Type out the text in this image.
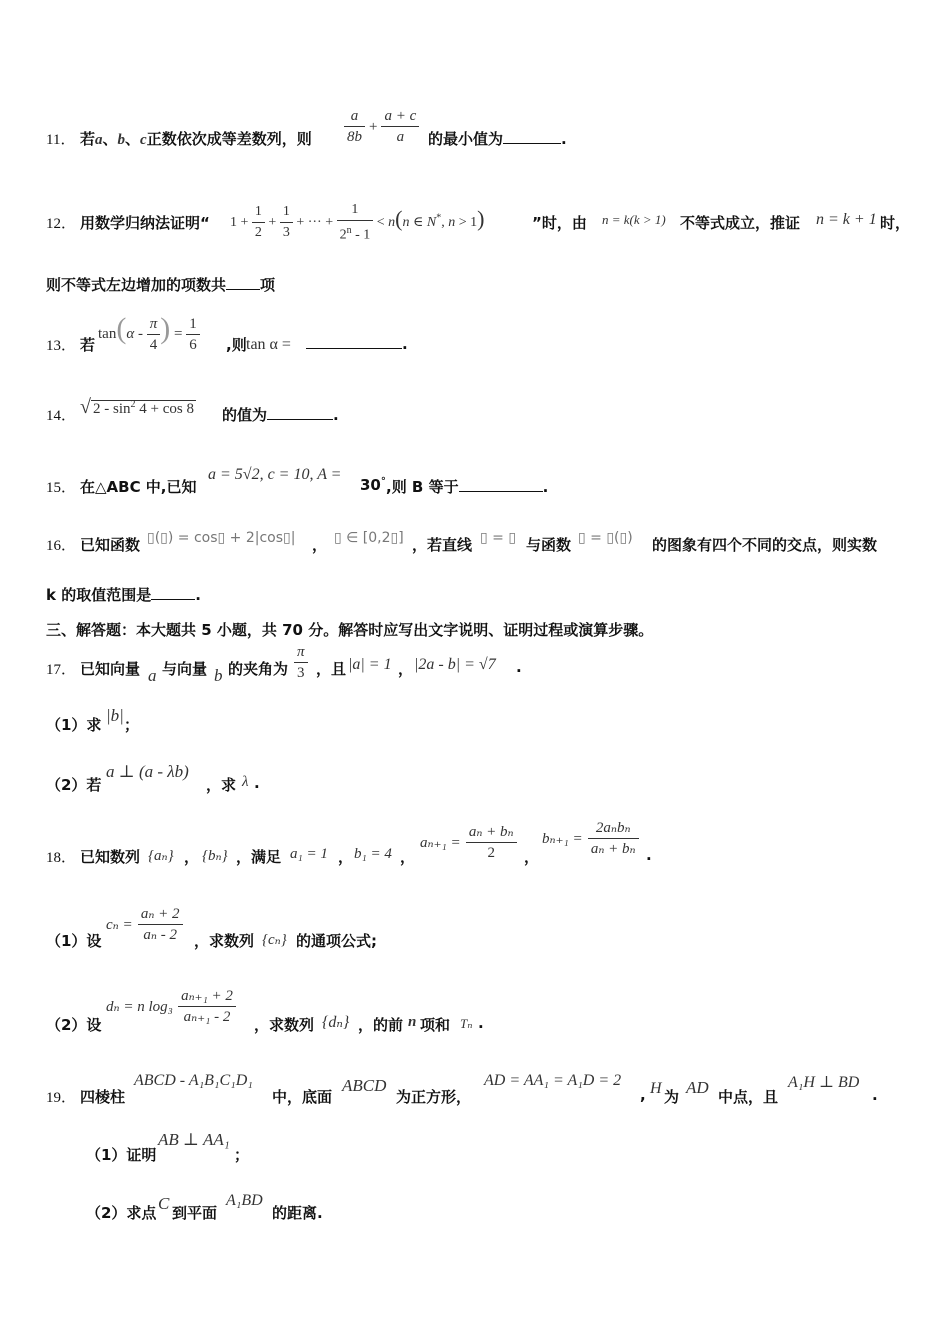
11． 若a、b、c正数依次成等差数列，则 $\frac{a}{8b} + \frac{a + c}{a}$ 的最小值为	.
12． 用数学归纳法证明“ $1 + \frac{1}{2} + \frac{1}{3}$ + ··· + $\frac{1}{2^n - 1} < n(n$ ∈ N*, n > 1)	”时，由 n = k(k > 1) 不等式成立，推证 n = k + 1 时，
则不等式左边增加的项数共 项
13． 若
$\tan(\alpha - \frac{\pi}{4}$ ) = $\frac{1}{6}$ ,则 tan α =	.
14． √ $2 - \sin^2 4 + \cos 8$ 的值为	.
15． 在△ABC 中,已知
a = 5√2, c = 10, A =
30° ,则 B 等于	.
16． 已知函数 ▯(▯) = cos▯ + 2|cos▯| ， ▯ ∈ [0,2▯] ，若直线 ▯ = ▯ 与函数 ▯ = ▯(▯) 的图象有四个不同的交点，则实数
k 的取值范围是	.
三、解答题：本大题共 5 小题，共 70 分。解答时应写出文字说明、证明过程或演算步骤。
17． 已知向量 a 与向量 b 的夹角为 $\frac{\pi}{3}$ ，且 |a| = 1 ， |2a - b| = √7 .
（1）求 |b| ；
（2）若
a ⊥ (a - λb)
，求 λ .
18． 已知数列 {aₙ} ， {bₙ} ，满足 a₁ = 1 ， b₁ = 4 ，
$a_{n+1} = \frac{\text{aₙ + bₙ}}{2}$ ，
$b_{n+1} = \frac{\text{2aₙbₙ}}{\text{aₙ + bₙ}}$ .
（1）设
$c_n = \frac{\text{aₙ + 2}}{\text{aₙ - 2}}$ ，求数列 {cₙ} 的通项公式;
（2）设
dₙ = n $\log_3 \frac{\text{aₙ₊₁ + 2}}{\text{aₙ₊₁ - 2}}$ ，求数列 {dₙ} ，的前 n 项和 Tₙ .
19． 四棱柱
ABCD - A₁B₁C₁D₁
中，底面
ABCD
为正方形，
AD = AA₁ = A₁D = 2
, H 为 AD 中点，且
A₁H ⊥ BD
.
（1）证明
AB ⊥ AA₁
；
（2）求点 C 到平面
A₁BD
的距离.
